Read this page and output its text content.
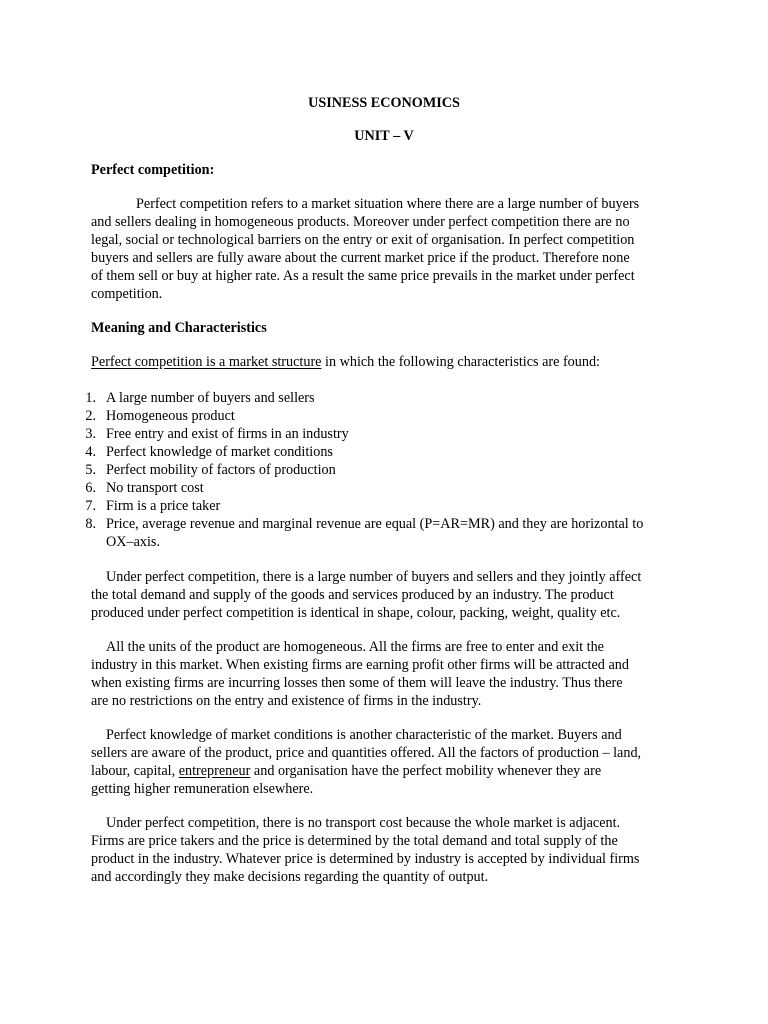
USINESS ECONOMICS
UNIT – V
Perfect competition:
Perfect competition refers to a market situation where there are a large number of buyers
and sellers dealing in homogeneous products. Moreover under perfect competition there are no
legal, social or technological barriers on the entry or exit of organisation. In perfect competition
buyers and sellers are fully aware about the current market price if the product. Therefore none
of them sell or buy at higher rate. As a result the same price prevails in the market under perfect
competition.
Meaning and Characteristics
Perfect competition is a market structure in which the following characteristics are found:
1. A large number of buyers and sellers
2. Homogeneous product
3. Free entry and exist of firms in an industry
4. Perfect knowledge of market conditions
5. Perfect mobility of factors of production
6. No transport cost
7. Firm is a price taker
8. Price, average revenue and marginal revenue are equal (P=AR=MR) and they are horizontal to
OX–axis.
Under perfect competition, there is a large number of buyers and sellers and they jointly affect
the total demand and supply of the goods and services produced by an industry. The product
produced under perfect competition is identical in shape, colour, packing, weight, quality etc.
All the units of the product are homogeneous. All the firms are free to enter and exit the
industry in this market. When existing firms are earning profit other firms will be attracted and
when existing firms are incurring losses then some of them will leave the industry. Thus there
are no restrictions on the entry and existence of firms in the industry.
Perfect knowledge of market conditions is another characteristic of the market. Buyers and
sellers are aware of the product, price and quantities offered. All the factors of production – land,
labour, capital, entrepreneur and organisation have the perfect mobility whenever they are
getting higher remuneration elsewhere.
Under perfect competition, there is no transport cost because the whole market is adjacent.
Firms are price takers and the price is determined by the total demand and total supply of the
product in the industry. Whatever price is determined by industry is accepted by individual firms
and accordingly they make decisions regarding the quantity of output.
